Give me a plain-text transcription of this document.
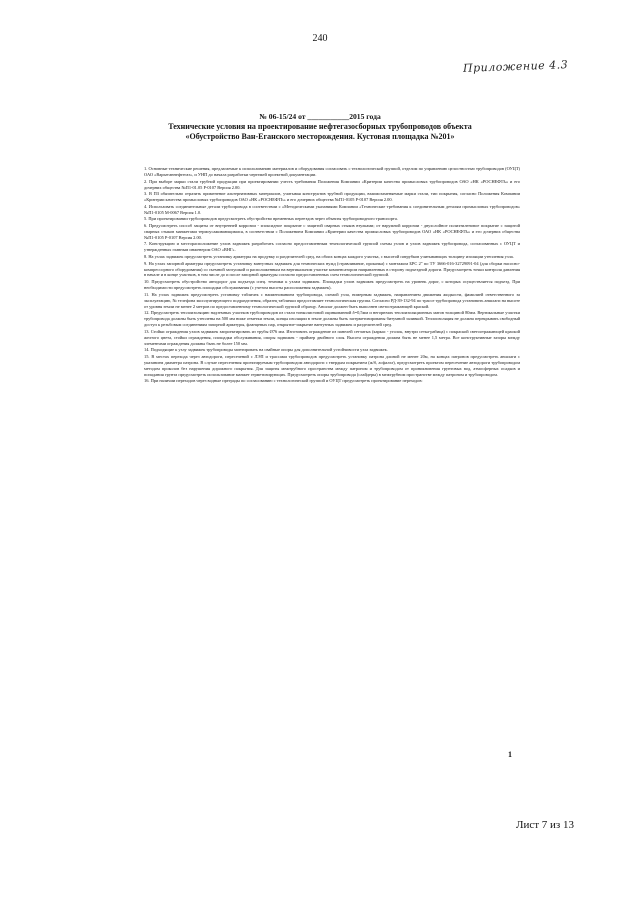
240
Приложение 4.3
№ 06-15/24 от ___________2015 года
Технические условия на проектирование нефтегазосборных трубопроводов объекта «Обустройство Ван-Еганского месторождения. Кустовая площадка №201»

1. Основные технические решения, предлагаемые к использованию материалов и оборудования согласовать с технологической группой, отделом по управлению целостностью трубопроводов (ОУЦТ) ОАО «Варьеганнефтегаз», и УНП до начала разработки чертежей проектной документации.

2. При выборе марки стали трубной продукции при проектировании учесть требования Положения Компании «Критерии качества промысловых трубопроводов ОАО «НК «РОСНЕФТЬ» и его дочерних общества №П1-01.05 Р-0107 Версия 2.00.

3. В ПЗ обязательно отразить применение альтернативных материалов, учитывая конструктив трубной продукции, взаимозаменяемые марки стали, тип покрытия, согласно Положения Компании «Критерии качества промысловых трубопроводов ОАО «НК «РОСНЕФТЬ» и его дочерних общества №П1-0105 Р-0107 Версия 2.00.

4. Использовать соединительные детали трубопровода в соответствии с «Методическими указаниями Компании «Технические требования к соединительным деталям промысловых трубопроводов» №П1-0105 М-0067 Версия 1.0.

5. При проектировании трубопроводов предусмотреть обустройство временных переездов через объекты трубопроводного транспорта.

6. Предусмотреть способ защиты от внутренней коррозии - эпоксидное покрытие с защитой сварных стыков втулками; от наружной коррозии - двухслойное полиэтиленовое покрытие с защитой сварных стыков манжетами термоусаживающимися, в соответствии с Положением Компании «Критерии качества промысловых трубопроводов ОАО «НК «РОСНЕФТЬ» и его дочерних общества №П1-0105 Р-0107 Версия 2.00.

7. Конструкцию и месторасположение узлов задвижек разработать согласно предоставленным технологической группой схемы узлов и узлов задвижек трубопровода, согласованных с ОУЦТ и утвержденных главным инженером ОАО «ВНГ».

8. На узлах задвижек предусмотреть установку арматуры на продувку и разделителей сред, на обоих концах каждого участка, с высотой патрубков учитывающих толщину изоляции утепления узла.

9. На узлах запорной арматуры предусмотреть установку вантузных задвижек для технических нужд (стравливание, прокачка) с монтажом БРС 2" по ТУ 3666-016-32729091-04 (для сборки насосно-компрессорного оборудования) со съемной заглушкой и расположенным на вертикальном участке компенсатором направленных в сторону подъездной дороги. Предусмотреть точки контроля давления в начале и в конце участков, в том числе до и после запорной арматуры согласно предоставленных схем технологической группой.

10. Предусмотреть обустройство автодорог для подъезда спец. техники к узлам задвижек. Площадки узлов задвижек предусмотреть на уровень дорог, с которых осуществляется подъезд. При необходимости предусмотреть площадки обслуживания (с учетом высоты расположения задвижек).

11. На узлах задвижек предусмотреть установку табличек с наименованием трубопровода, схемой узла, номерным задвижек, направлением движения жидкости, фамилией ответственного за эксплуатацию, № телефона эксплуатирующего подразделения, образец таблички предоставляет технологическая группа. Согласно РД-39-132-94 по трассе трубопровода установить аншлаги на высоте от уровня земли не менее 2 метров по предоставленному технологической группой образцу. Аншлаг должен быть выполнен светоотражающей краской.

12. Предусмотреть теплоизоляцию надземных участков трубопроводов из стали тонколистовой оцинкованной δ=0,5мм и негорючих теплоизоляционных матов толщиной 80мм. Вертикальные участки трубопровода должны быть утеплены на 500 мм ниже отметки земли, концы изоляции в земле должны быть загерметизированы битумной заливкой. Теплоизоляция не должна перекрывать свободный доступ к резьбовым соединениям запорной арматуры, фланцевых пар, открытие-закрытие вантузных задвижек и разделителей сред.

13. Стойки ограждения узлов задвижек запроектировать из трубы Ø76 мм. Изготовить ограждение из панелей сетчатых (каркас - уголок, внутри сетка-рабица) с покраской светоотражающей краской желтого цвета, стойки ограждения, площадки обслуживания, опоры задвижек - праймер двойного слоя. Высота ограждения должна быть не менее 1,5 метра. Все конструктивные зазоры между элементами ограждения должны быть не более 150 мм.

14. Подходящие к узлу задвижек трубопроводы монтировать на свайные опоры для дополнительной устойчивости узла задвижек.

15. В местах перехода через автодороги, пересечений с ЛЭП и трассами трубопроводов предусмотреть установку патрона длиной не менее 20м, на концах патронов предусмотреть аншлаги с указанием диаметра патрона. В случае пересечения проектируемым трубопроводом автодороги с твердым покрытием (ж/б, асфальт), предусмотреть проектом пересечение автодороги трубопроводом методом проколов без нарушения дорожного покрытия. Для защиты межтрубного пространства между патроном и трубопроводом от проникновения грунтовых вод, атмосферных осадков и попадания грунта предусмотреть использование манжет герметизирующих. Предусмотреть опоры трубопровода (слайдеры) в межтрубном пространстве между патроном и трубопроводом.

16. При наличии переходов через водные преграды по согласованию с технологической группой и ОУЦТ предусмотреть проектирование переходов:

1
Лист 7 из 13
